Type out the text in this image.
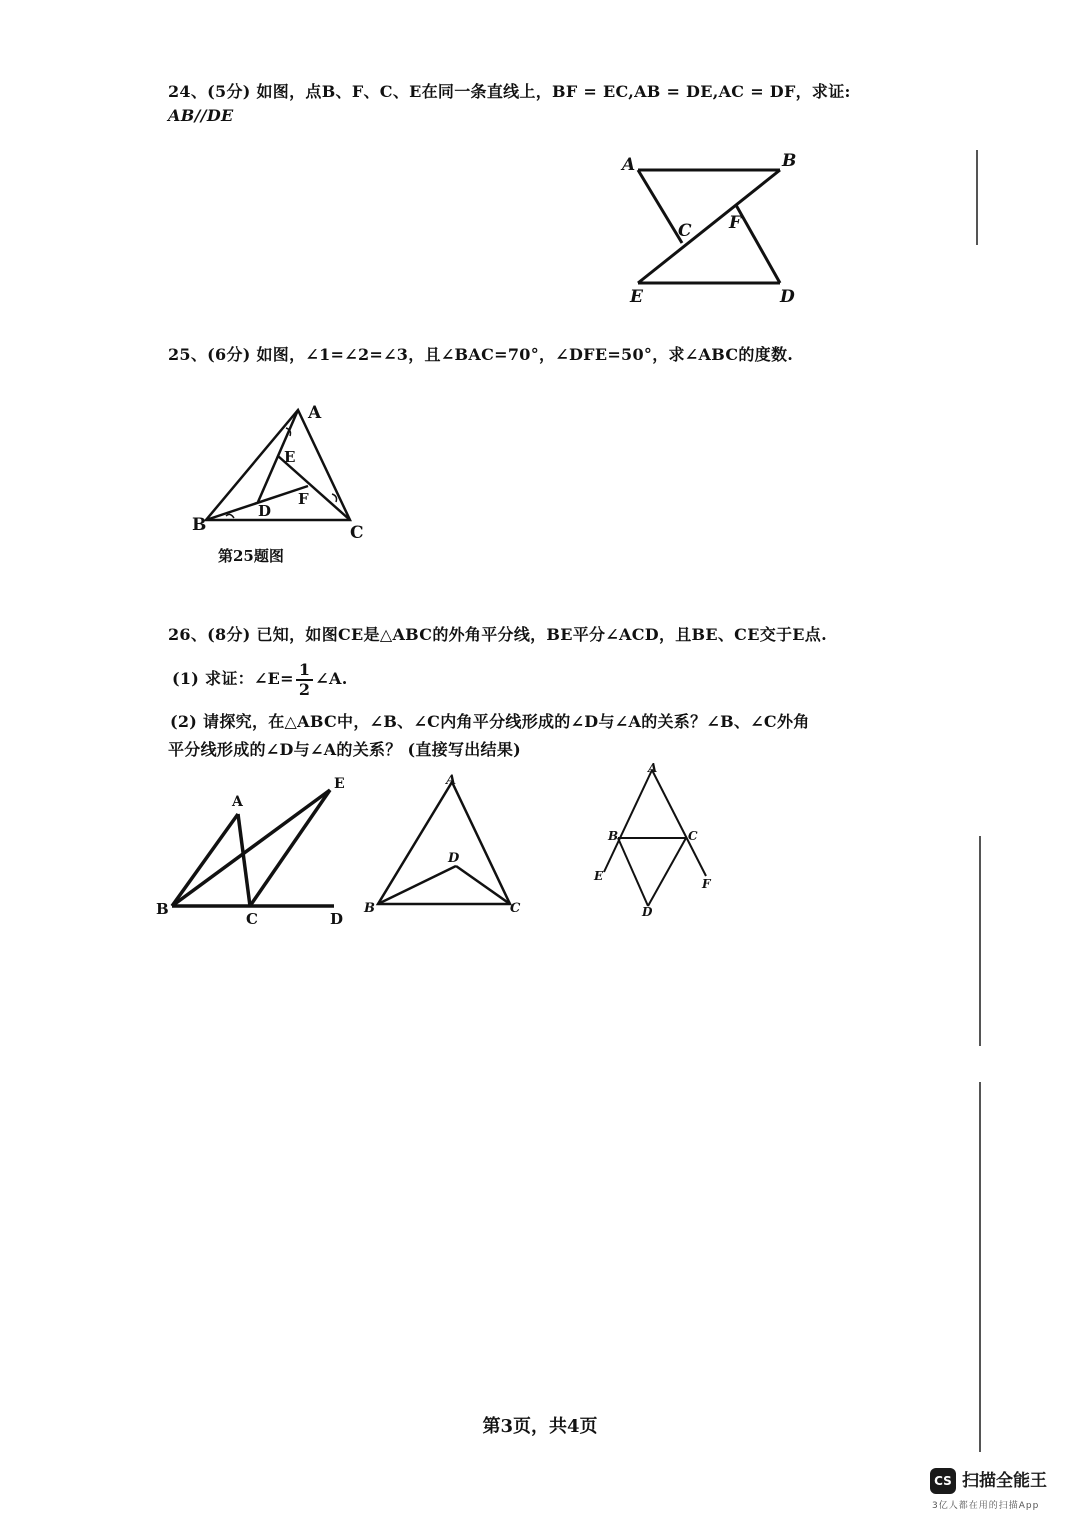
24、(5分) 如图，点B、F、C、E在同一条直线上，BF = EC,AB = DE,AC = DF，求证:
AB//DE
A	B
C F
E	D
25、(6分) 如图，∠1=∠2=∠3，且∠BAC=70°，∠DFE=50°，求∠ABC的度数.
A
E
F
D
B	C
第25题图
26、(8分) 已知，如图CE是△ABC的外角平分线，BE平分∠ACD，且BE、CE交于E点.
(1) 求证：∠E= $\frac{1}{2}$ ∠A.
(2) 请探究，在△ABC中，∠B、∠C内角平分线形成的∠D与∠A的关系？∠B、∠C外角
平分线形成的∠D与∠A的关系？ (直接写出结果)
A
E
B
C	D
A
D
B	C
A
B	C
E
F
D
第3页，共4页
CS 扫描全能王
3亿人都在用的扫描App
